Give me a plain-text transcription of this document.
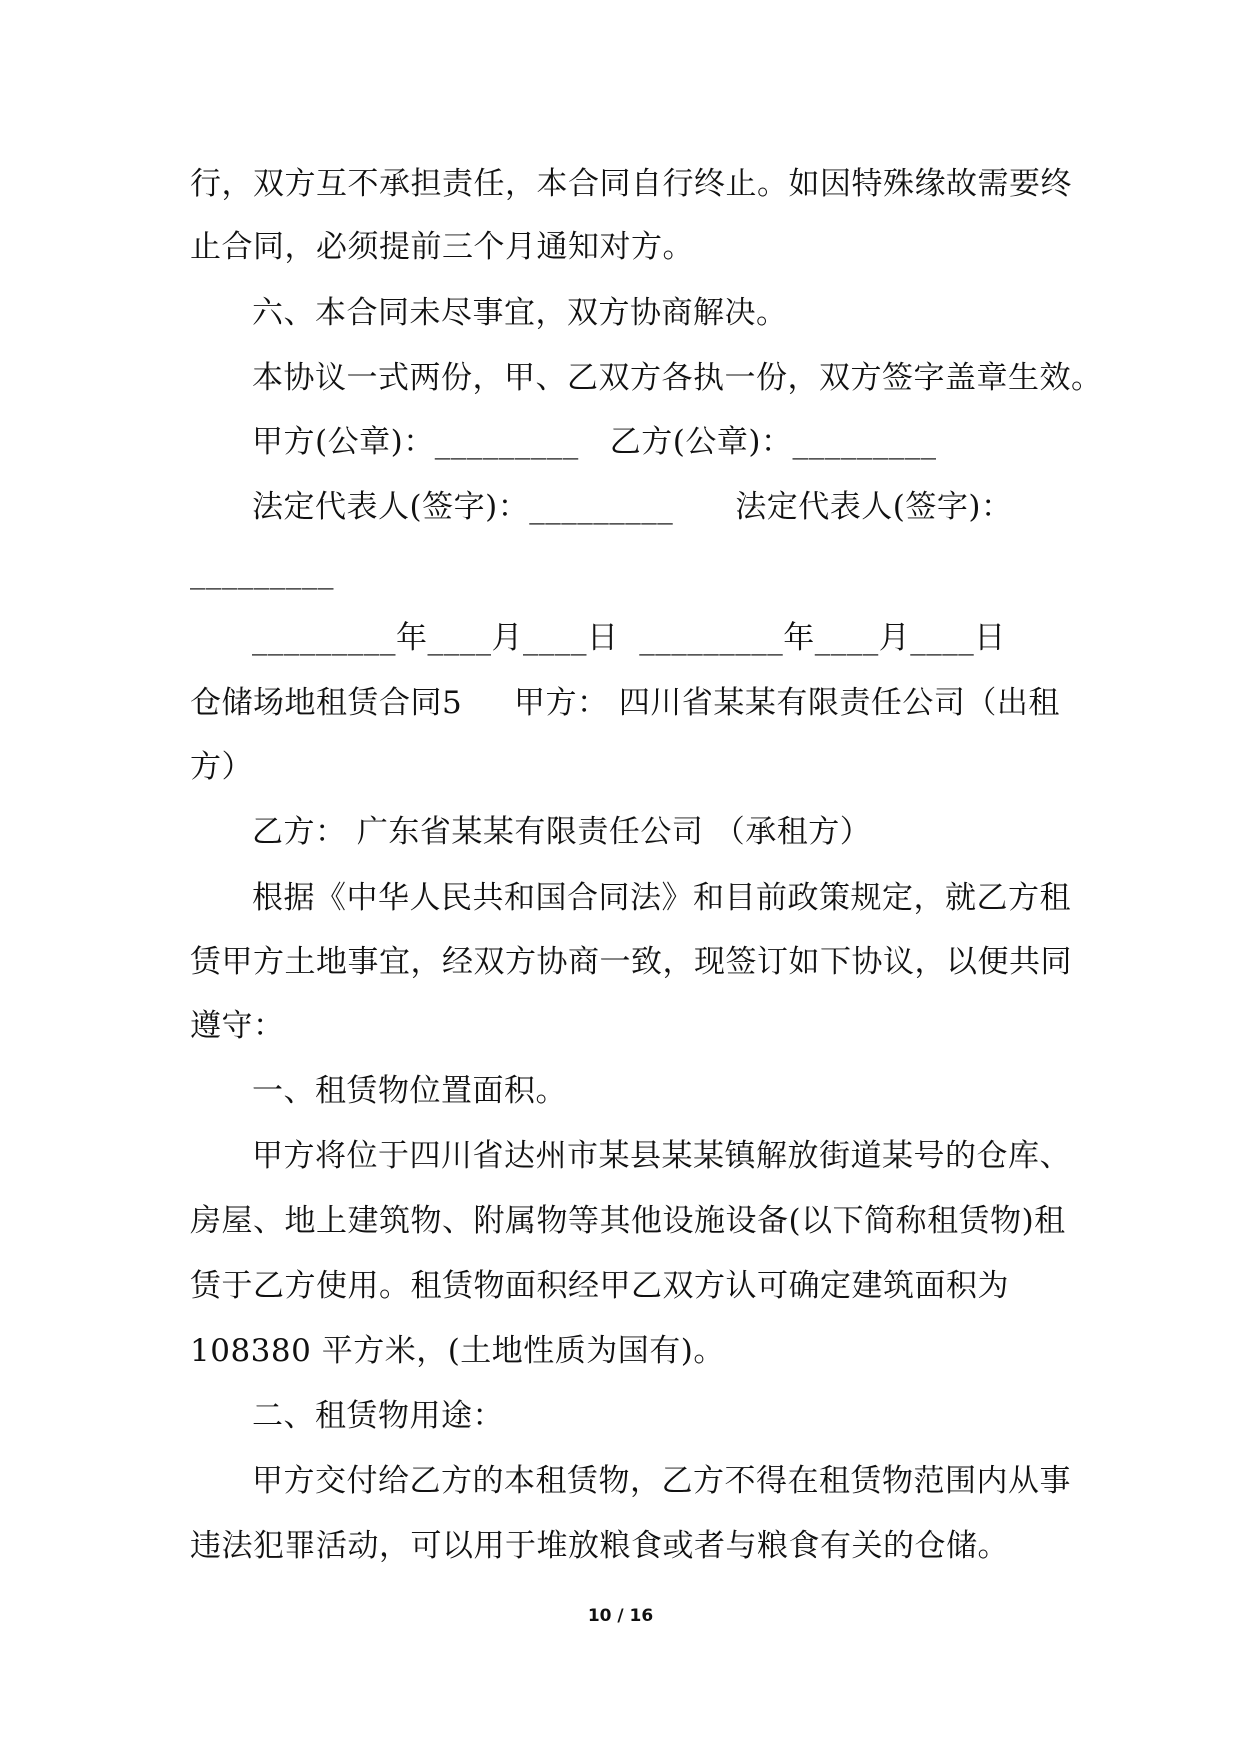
行，双方互不承担责任，本合同自行终止。如因特殊缘故需要终
止合同，必须提前三个月通知对方。
六、本合同未尽事宜，双方协商解决。
本协议一式两份，甲、乙双方各执一份，双方签字盖章生效。
甲方(公章)：_________   乙方(公章)：_________
法定代表人(签字)：_________      法定代表人(签字)：
_________
_________年____月____日  _________年____月____日
仓储场地租赁合同5     甲方： 四川省某某有限责任公司（出租
方）
乙方： 广东省某某有限责任公司 （承租方）
根据《中华人民共和国合同法》和目前政策规定，就乙方租
赁甲方土地事宜，经双方协商一致，现签订如下协议，以便共同
遵守：
一、租赁物位置面积。
甲方将位于四川省达州市某县某某镇解放街道某号的仓库、
房屋、地上建筑物、附属物等其他设施设备(以下简称租赁物)租
赁于乙方使用。租赁物面积经甲乙双方认可确定建筑面积为
108380 平方米，(土地性质为国有)。
二、租赁物用途：
甲方交付给乙方的本租赁物，乙方不得在租赁物范围内从事
违法犯罪活动，可以用于堆放粮食或者与粮食有关的仓储。
10 / 16
